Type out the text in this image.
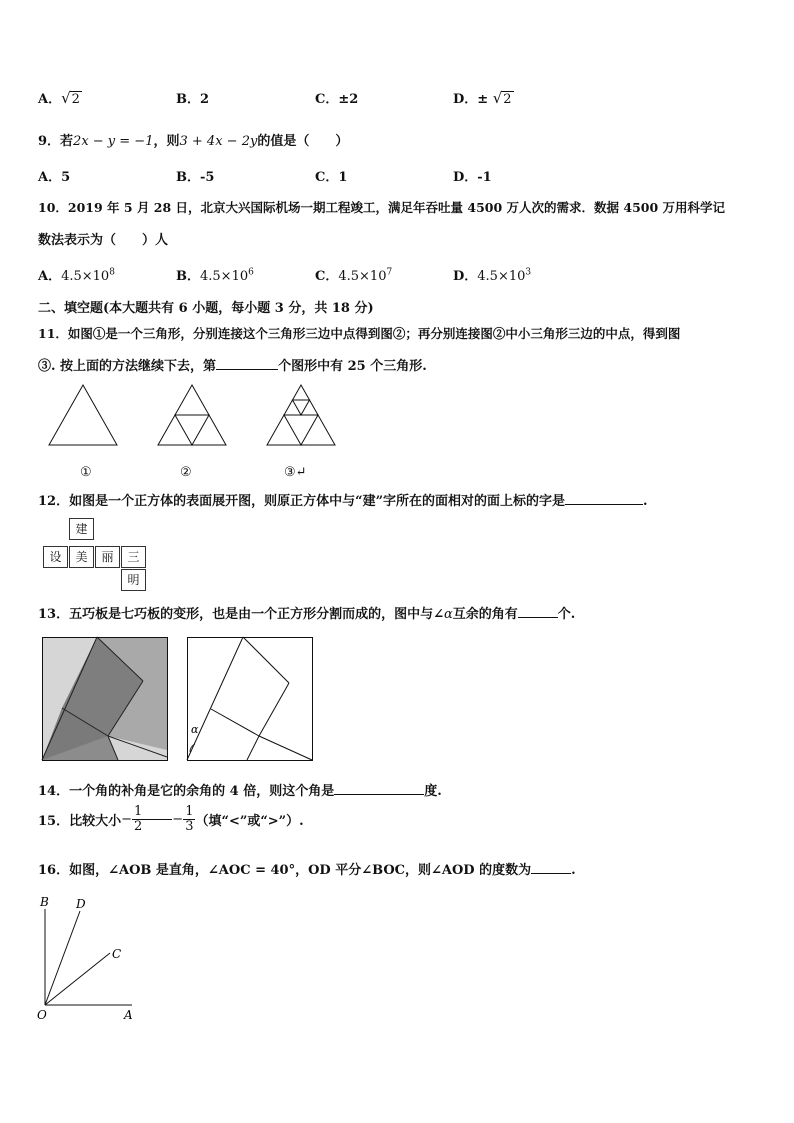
A．√2	B．2	C．±2	D．± √2
9．若2x − y = −1，则3 + 4x − 2y的值是（　　）
A．5	B．-5	C．1	D．-1
10．2019 年 5 月 28 日，北京大兴国际机场一期工程竣工，满足年吞吐量 4500 万人次的需求．数据 4500 万用科学记
数法表示为（　　）人
A．$4.5\times 10^8$	B．$4.5\times 10^6$	C．$4.5\times 10^7$	D．$4.5\times 10^3$
二、填空题(本大题共有 6 小题，每小题 3 分，共 18 分)
11．如图①是一个三角形，分别连接这个三角形三边中点得到图②；再分别连接图②中小三角形三边的中点，得到图
③. 按上面的方法继续下去，第	个图形中有 25 个三角形.
①	②	③↵
12．如图是一个正方体的表面展开图，则原正方体中与“建”字所在的面相对的面上标的字是	.
建
设	美	丽	三
明
13．五巧板是七巧板的变形，也是由一个正方形分割而成的，图中与∠α互余的角有	个.
α
14．一个角的补角是它的余角的 4 倍，则这个角是	度.
15．比较大小− $\frac{1}{2} - \frac{1}{3}$ （填“<”或“>”）.
16．如图，∠AOB 是直角，∠AOC = 40°，OD 平分∠BOC，则∠AOD 的度数为	.
B D
C
O	A
